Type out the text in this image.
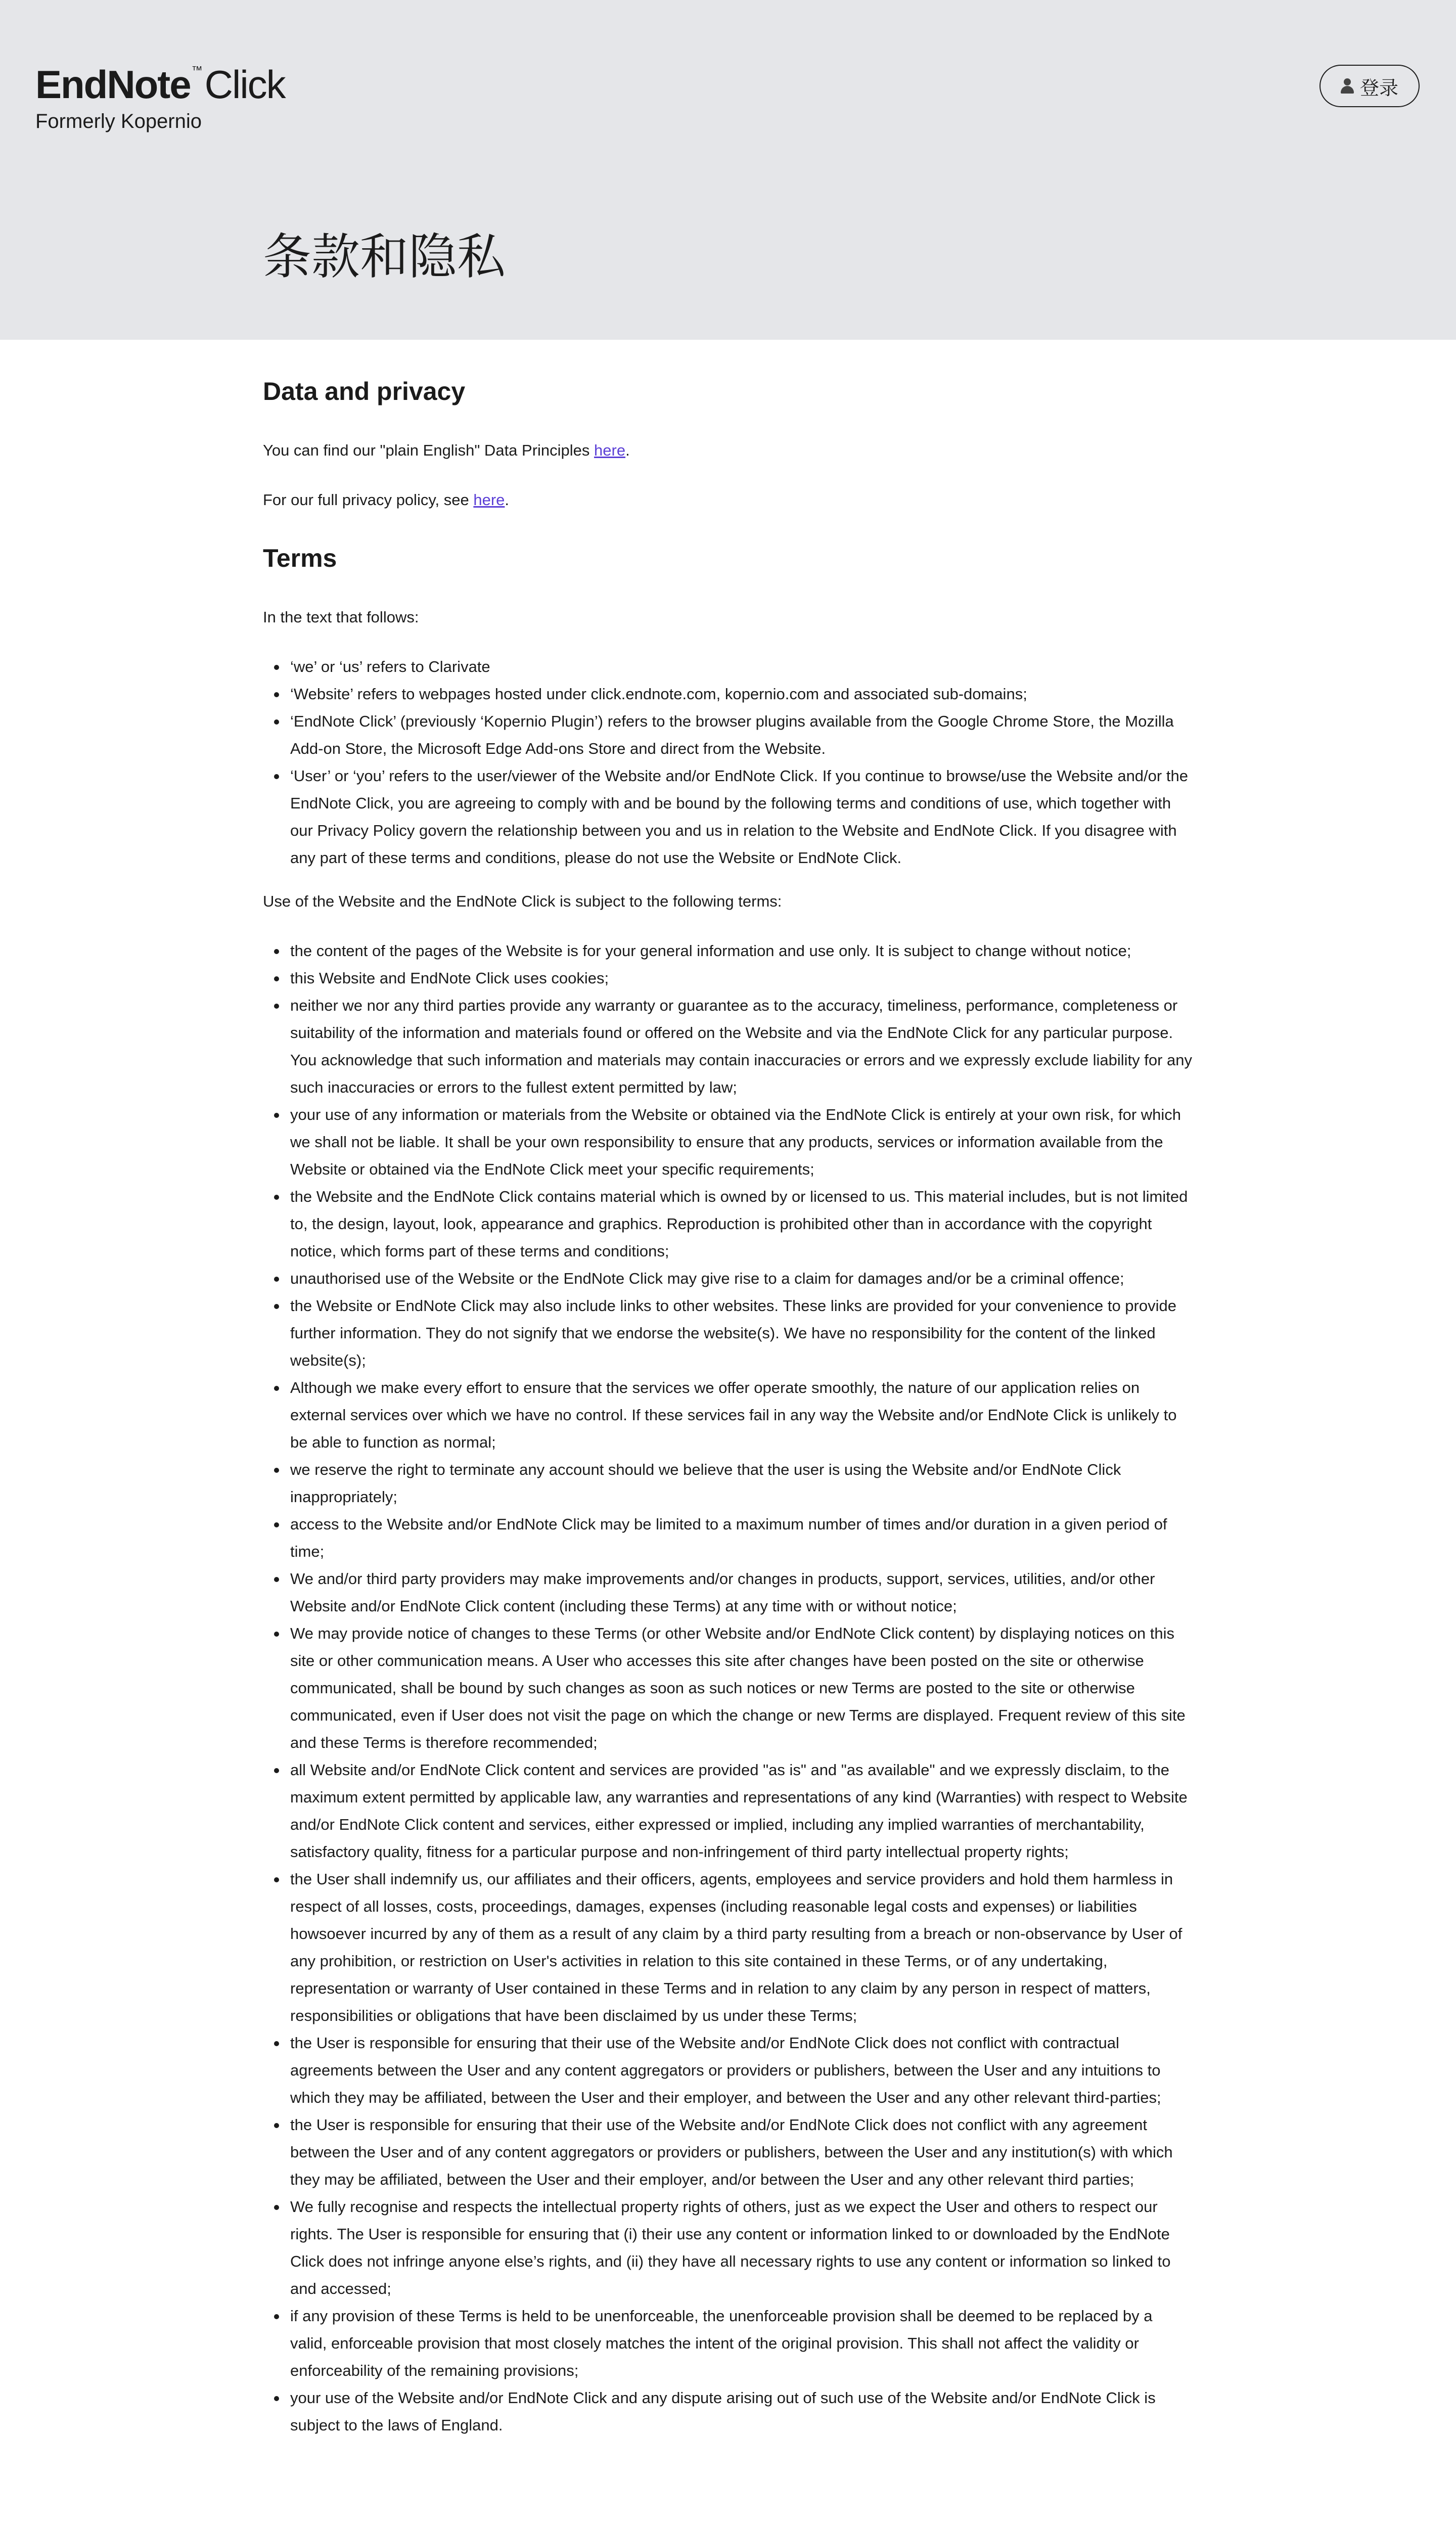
EndNote™Click
Formerly Kopernio
登录
条款和隐私
Data and privacy

You can find our "plain English" Data Principles here.

For our full privacy policy, see here.

Terms

In the text that follows:

‘we’ or ‘us’ refers to Clarivate
‘Website’ refers to webpages hosted under click.endnote.com, kopernio.com and associated sub-domains;
‘EndNote Click’ (previously ‘Kopernio Plugin’) refers to the browser plugins available from the Google Chrome Store, the Mozilla Add-on Store, the Microsoft Edge Add-ons Store and direct from the Website.
‘User’ or ‘you’ refers to the user/viewer of the Website and/or EndNote Click. If you continue to browse/use the Website and/or the EndNote Click, you are agreeing to comply with and be bound by the following terms and conditions of use, which together with our Privacy Policy govern the relationship between you and us in relation to the Website and EndNote Click. If you disagree with any part of these terms and conditions, please do not use the Website or EndNote Click.

Use of the Website and the EndNote Click is subject to the following terms:

the content of the pages of the Website is for your general information and use only. It is subject to change without notice;
this Website and EndNote Click uses cookies;
neither we nor any third parties provide any warranty or guarantee as to the accuracy, timeliness, performance, completeness or suitability of the information and materials found or offered on the Website and via the EndNote Click for any particular purpose. You acknowledge that such information and materials may contain inaccuracies or errors and we expressly exclude liability for any such inaccuracies or errors to the fullest extent permitted by law;
your use of any information or materials from the Website or obtained via the EndNote Click is entirely at your own risk, for which we shall not be liable. It shall be your own responsibility to ensure that any products, services or information available from the Website or obtained via the EndNote Click meet your specific requirements;
the Website and the EndNote Click contains material which is owned by or licensed to us. This material includes, but is not limited to, the design, layout, look, appearance and graphics. Reproduction is prohibited other than in accordance with the copyright notice, which forms part of these terms and conditions;
unauthorised use of the Website or the EndNote Click may give rise to a claim for damages and/or be a criminal offence;
the Website or EndNote Click may also include links to other websites. These links are provided for your convenience to provide further information. They do not signify that we endorse the website(s). We have no responsibility for the content of the linked website(s);
Although we make every effort to ensure that the services we offer operate smoothly, the nature of our application relies on external services over which we have no control. If these services fail in any way the Website and/or EndNote Click is unlikely to be able to function as normal;
we reserve the right to terminate any account should we believe that the user is using the Website and/or EndNote Click inappropriately;
access to the Website and/or EndNote Click may be limited to a maximum number of times and/or duration in a given period of time;
We and/or third party providers may make improvements and/or changes in products, support, services, utilities, and/or other Website and/or EndNote Click content (including these Terms) at any time with or without notice;
We may provide notice of changes to these Terms (or other Website and/or EndNote Click content) by displaying notices on this site or other communication means. A User who accesses this site after changes have been posted on the site or otherwise communicated, shall be bound by such changes as soon as such notices or new Terms are posted to the site or otherwise communicated, even if User does not visit the page on which the change or new Terms are displayed. Frequent review of this site and these Terms is therefore recommended;
all Website and/or EndNote Click content and services are provided "as is" and "as available" and we expressly disclaim, to the maximum extent permitted by applicable law, any warranties and representations of any kind (Warranties) with respect to Website and/or EndNote Click content and services, either expressed or implied, including any implied warranties of merchantability, satisfactory quality, fitness for a particular purpose and non-infringement of third party intellectual property rights;
the User shall indemnify us, our affiliates and their officers, agents, employees and service providers and hold them harmless in respect of all losses, costs, proceedings, damages, expenses (including reasonable legal costs and expenses) or liabilities howsoever incurred by any of them as a result of any claim by a third party resulting from a breach or non-observance by User of any prohibition, or restriction on User's activities in relation to this site contained in these Terms, or of any undertaking, representation or warranty of User contained in these Terms and in relation to any claim by any person in respect of matters, responsibilities or obligations that have been disclaimed by us under these Terms;
the User is responsible for ensuring that their use of the Website and/or EndNote Click does not conflict with contractual agreements between the User and any content aggregators or providers or publishers, between the User and any intuitions to which they may be affiliated, between the User and their employer, and between the User and any other relevant third-parties;
the User is responsible for ensuring that their use of the Website and/or EndNote Click does not conflict with any agreement between the User and of any content aggregators or providers or publishers, between the User and any institution(s) with which they may be affiliated, between the User and their employer, and/or between the User and any other relevant third parties;
We fully recognise and respects the intellectual property rights of others, just as we expect the User and others to respect our rights. The User is responsible for ensuring that (i) their use any content or information linked to or downloaded by the EndNote Click does not infringe anyone else’s rights, and (ii) they have all necessary rights to use any content or information so linked to and accessed;
if any provision of these Terms is held to be unenforceable, the unenforceable provision shall be deemed to be replaced by a valid, enforceable provision that most closely matches the intent of the original provision. This shall not affect the validity or enforceability of the remaining provisions;
your use of the Website and/or EndNote Click and any dispute arising out of such use of the Website and/or EndNote Click is subject to the laws of England.
